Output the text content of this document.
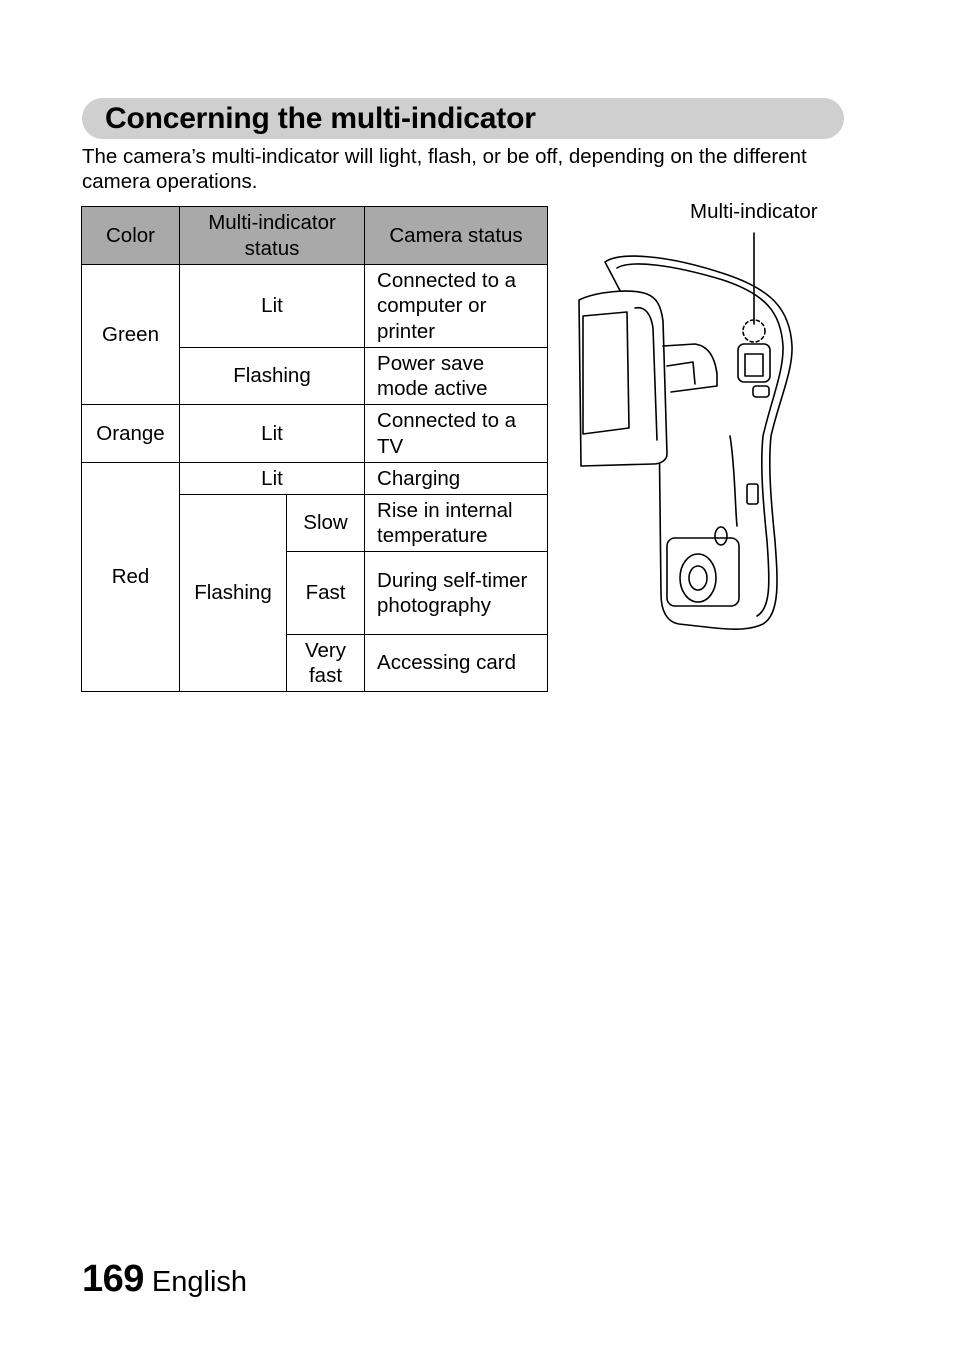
Concerning the multi-indicator
The camera’s multi-indicator will light, flash, or be off, depending on the different camera operations.
Color	Multi-indicator status		Camera status
Green	Lit		Connected to a computer or printer
	Flashing		Power save mode active
Orange	Lit		Connected to a TV
Red	Lit		Charging
	Flashing	Slow	Rise in internal temperature
		Fast	During self-timer photography
		Very fast	Accessing card
Multi-indicator
169 English
